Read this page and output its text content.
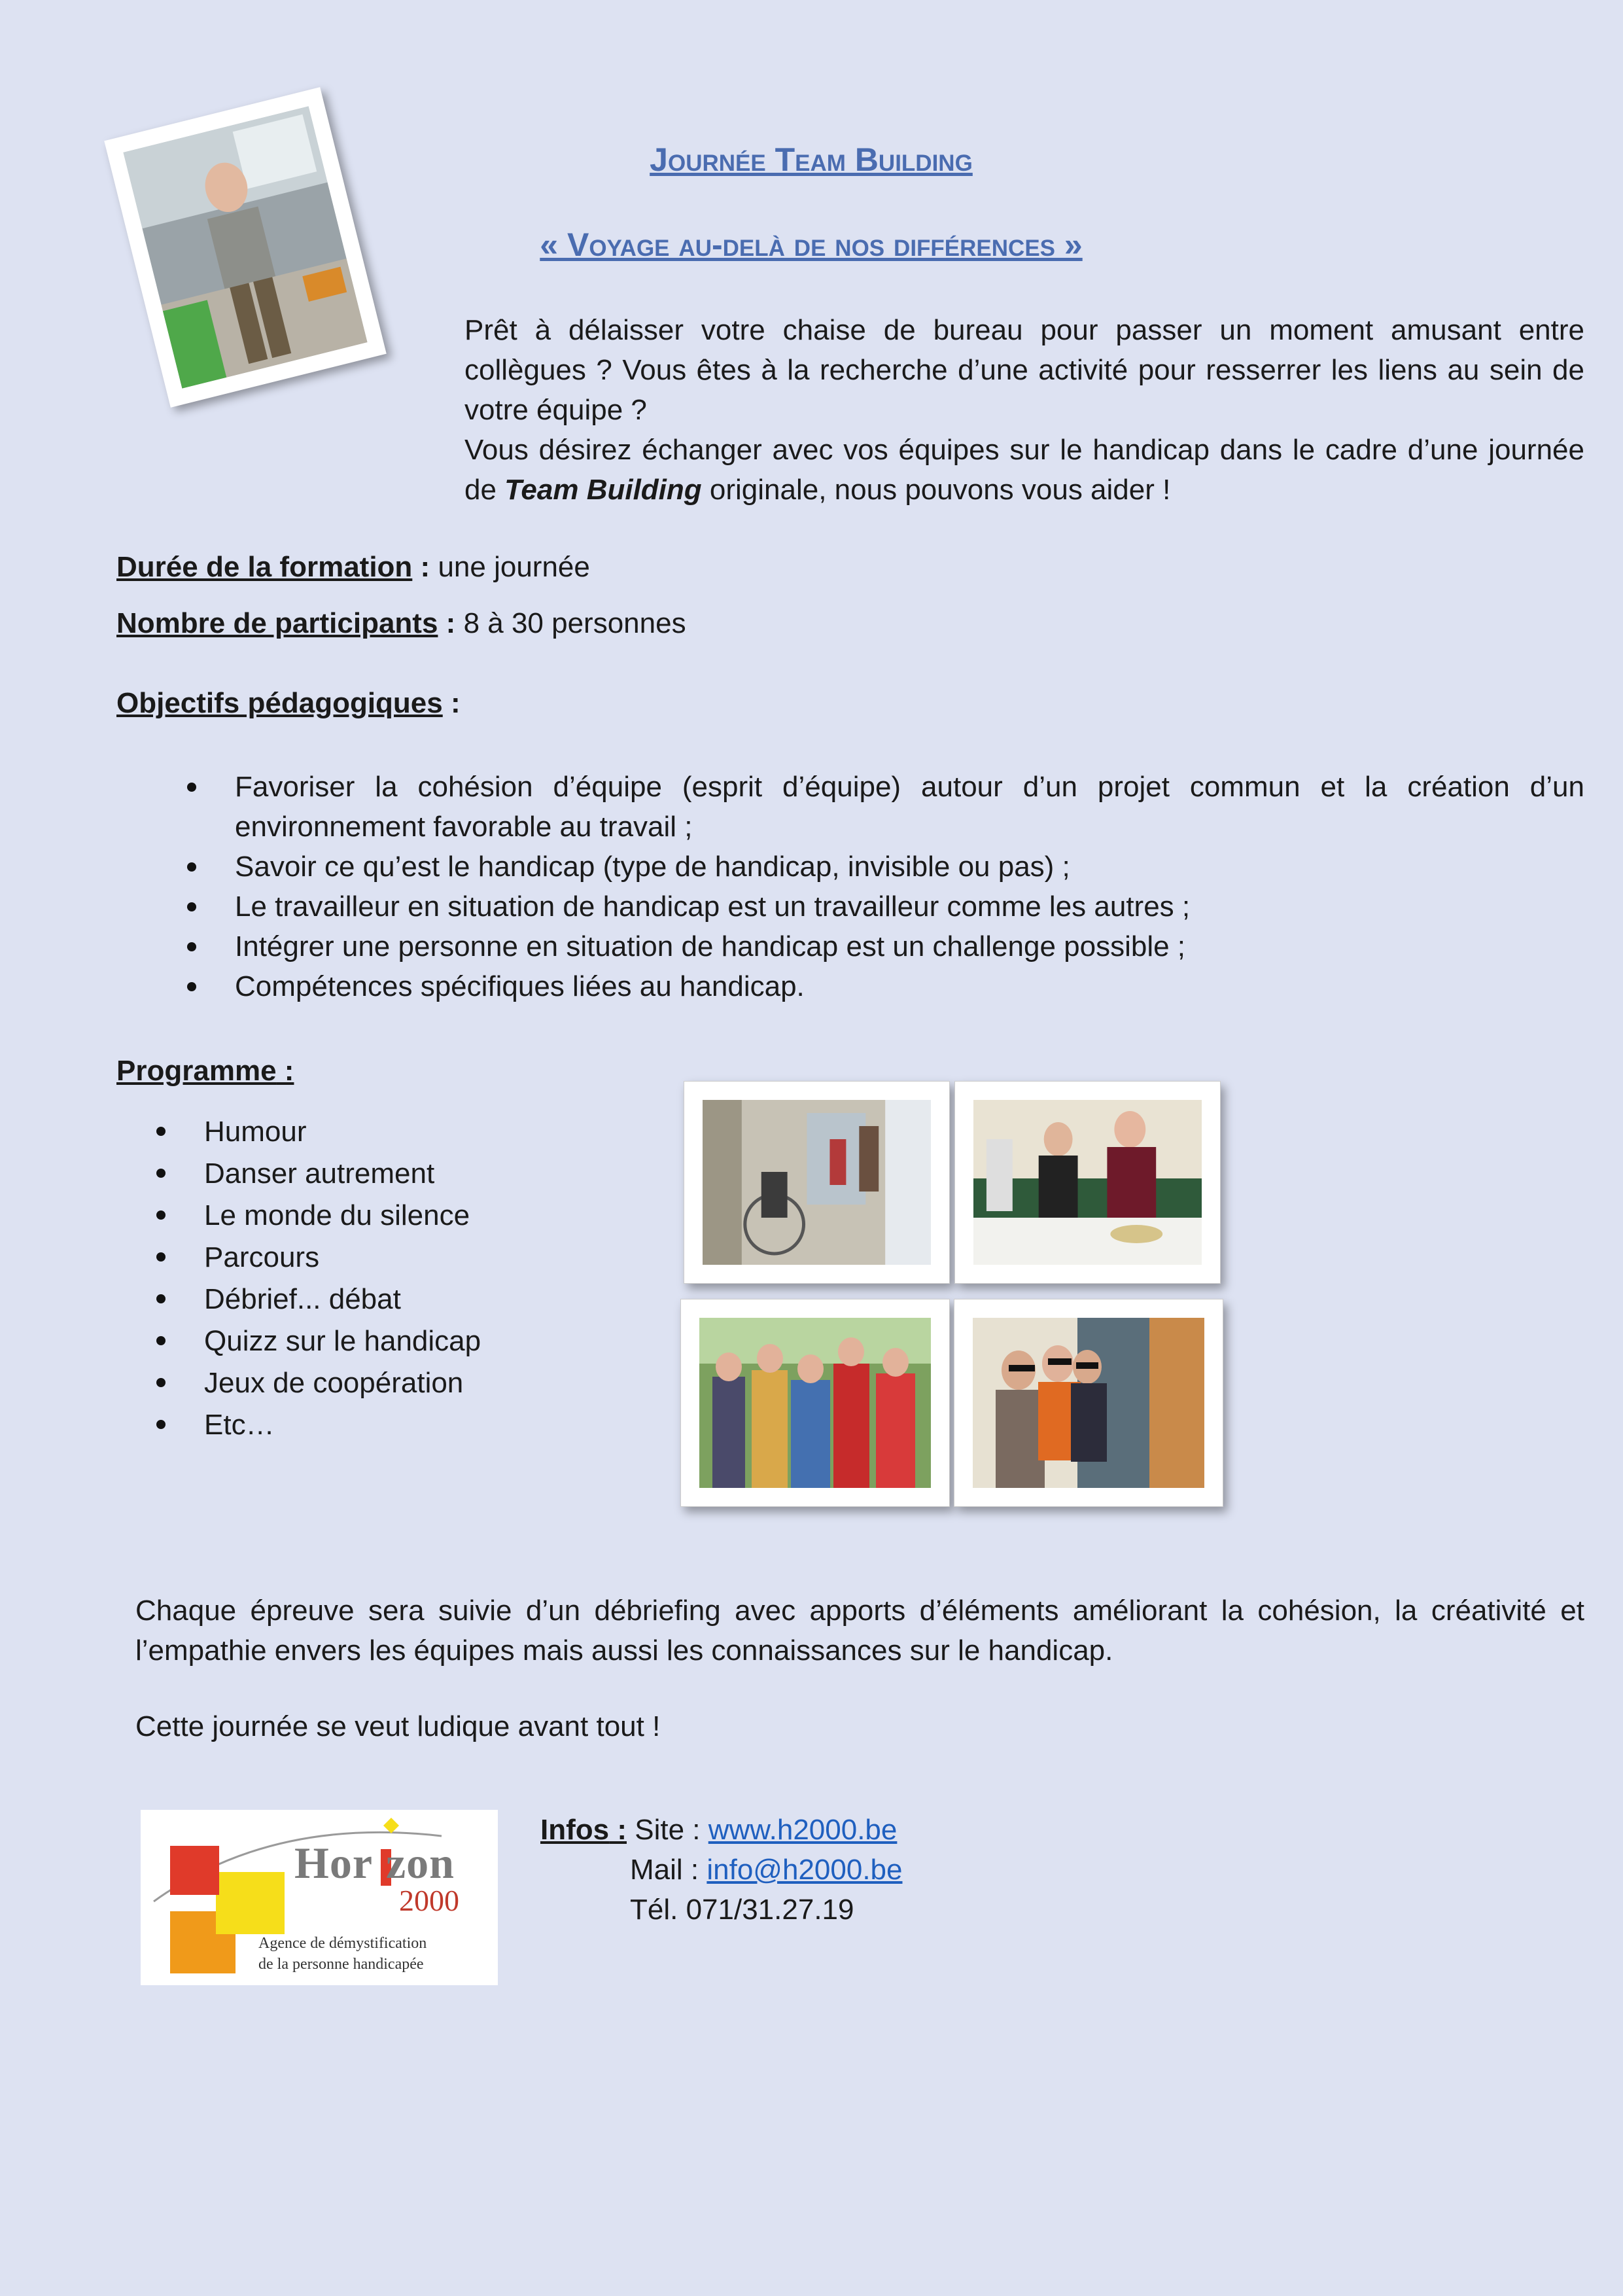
Journée Team Building
« Voyage au-delà de nos différences »
Prêt à délaisser votre chaise de bureau pour passer un moment amusant entre collègues ? Vous êtes à la recherche d’une activité pour resserrer les liens au sein de votre équipe ?
Vous désirez échanger avec vos équipes sur le handicap dans le cadre d’une journée de Team Building originale, nous pouvons vous aider !
Durée de la formation : une journée
Nombre de participants : 8 à 30 personnes
Objectifs pédagogiques :
Favoriser la cohésion d’équipe (esprit d’équipe) autour d’un projet commun et la création d’un environnement favorable au travail ;
Savoir ce qu’est le handicap (type de handicap, invisible ou pas) ;
Le travailleur en situation de handicap est un travailleur comme les autres ;
Intégrer une personne en situation de handicap est un challenge possible ;
Compétences spécifiques liées au handicap.
Programme :
Humour
Danser autrement
Le monde du silence
Parcours
Débrief... débat
Quizz sur le handicap
Jeux de coopération
Etc…
Chaque épreuve sera suivie d’un débriefing avec apports d’éléments améliorant la cohésion, la créativité et l’empathie envers les équipes mais aussi les connaissances sur le handicap.
Cette journée se veut ludique avant tout !
Hor zon
2000
Agence de démystification
de la personne handicapée
Infos : Site : www.h2000.be
Mail : info@h2000.be
Tél. 071/31.27.19
